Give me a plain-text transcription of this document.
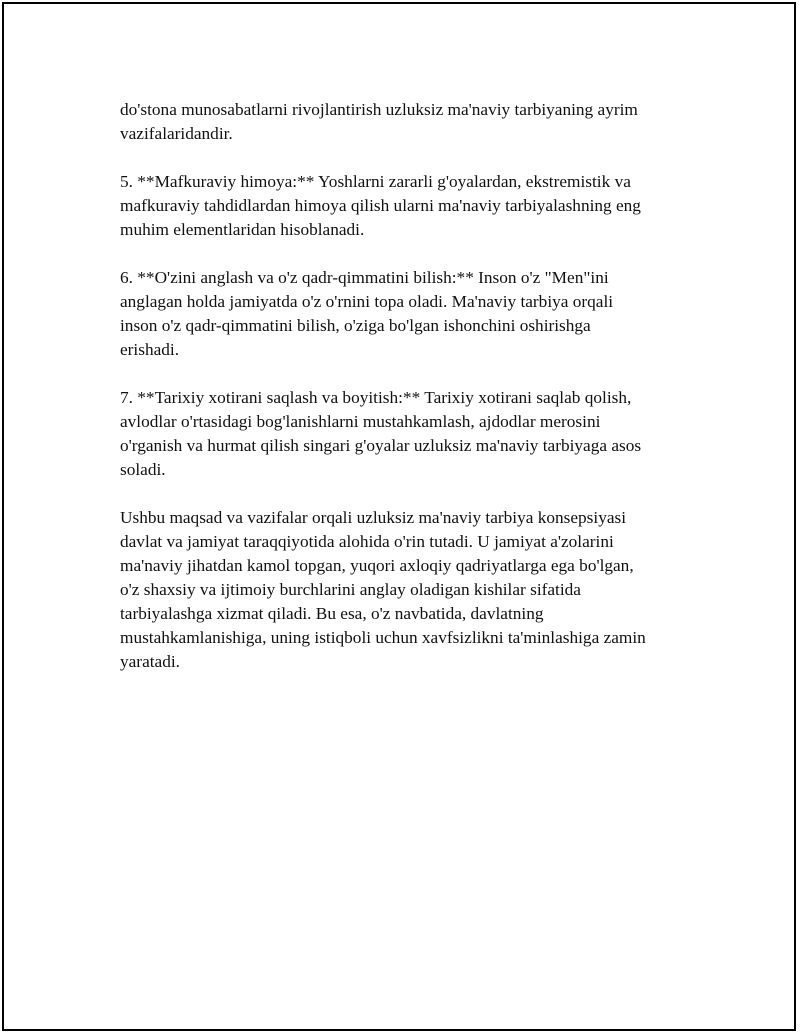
do'stona munosabatlarni rivojlantirish uzluksiz ma'naviy tarbiyaning ayrim
vazifalaridandir.

5. **Mafkuraviy himoya:** Yoshlarni zararli g'oyalardan, ekstremistik va
mafkuraviy tahdidlardan himoya qilish ularni ma'naviy tarbiyalashning eng
muhim elementlaridan hisoblanadi.

6. **O'zini anglash va o'z qadr-qimmatini bilish:** Inson o'z "Men"ini
anglagan holda jamiyatda o'z o'rnini topa oladi. Ma'naviy tarbiya orqali
inson o'z qadr-qimmatini bilish, o'ziga bo'lgan ishonchini oshirishga
erishadi.

7. **Tarixiy xotirani saqlash va boyitish:** Tarixiy xotirani saqlab qolish,
avlodlar o'rtasidagi bog'lanishlarni mustahkamlash, ajdodlar merosini
o'rganish va hurmat qilish singari g'oyalar uzluksiz ma'naviy tarbiyaga asos
soladi.

Ushbu maqsad va vazifalar orqali uzluksiz ma'naviy tarbiya konsepsiyasi
davlat va jamiyat taraqqiyotida alohida o'rin tutadi. U jamiyat a'zolarini
ma'naviy jihatdan kamol topgan, yuqori axloqiy qadriyatlarga ega bo'lgan,
o'z shaxsiy va ijtimoiy burchlarini anglay oladigan kishilar sifatida
tarbiyalashga xizmat qiladi. Bu esa, o'z navbatida, davlatning
mustahkamlanishiga, uning istiqboli uchun xavfsizlikni ta'minlashiga zamin
yaratadi.
